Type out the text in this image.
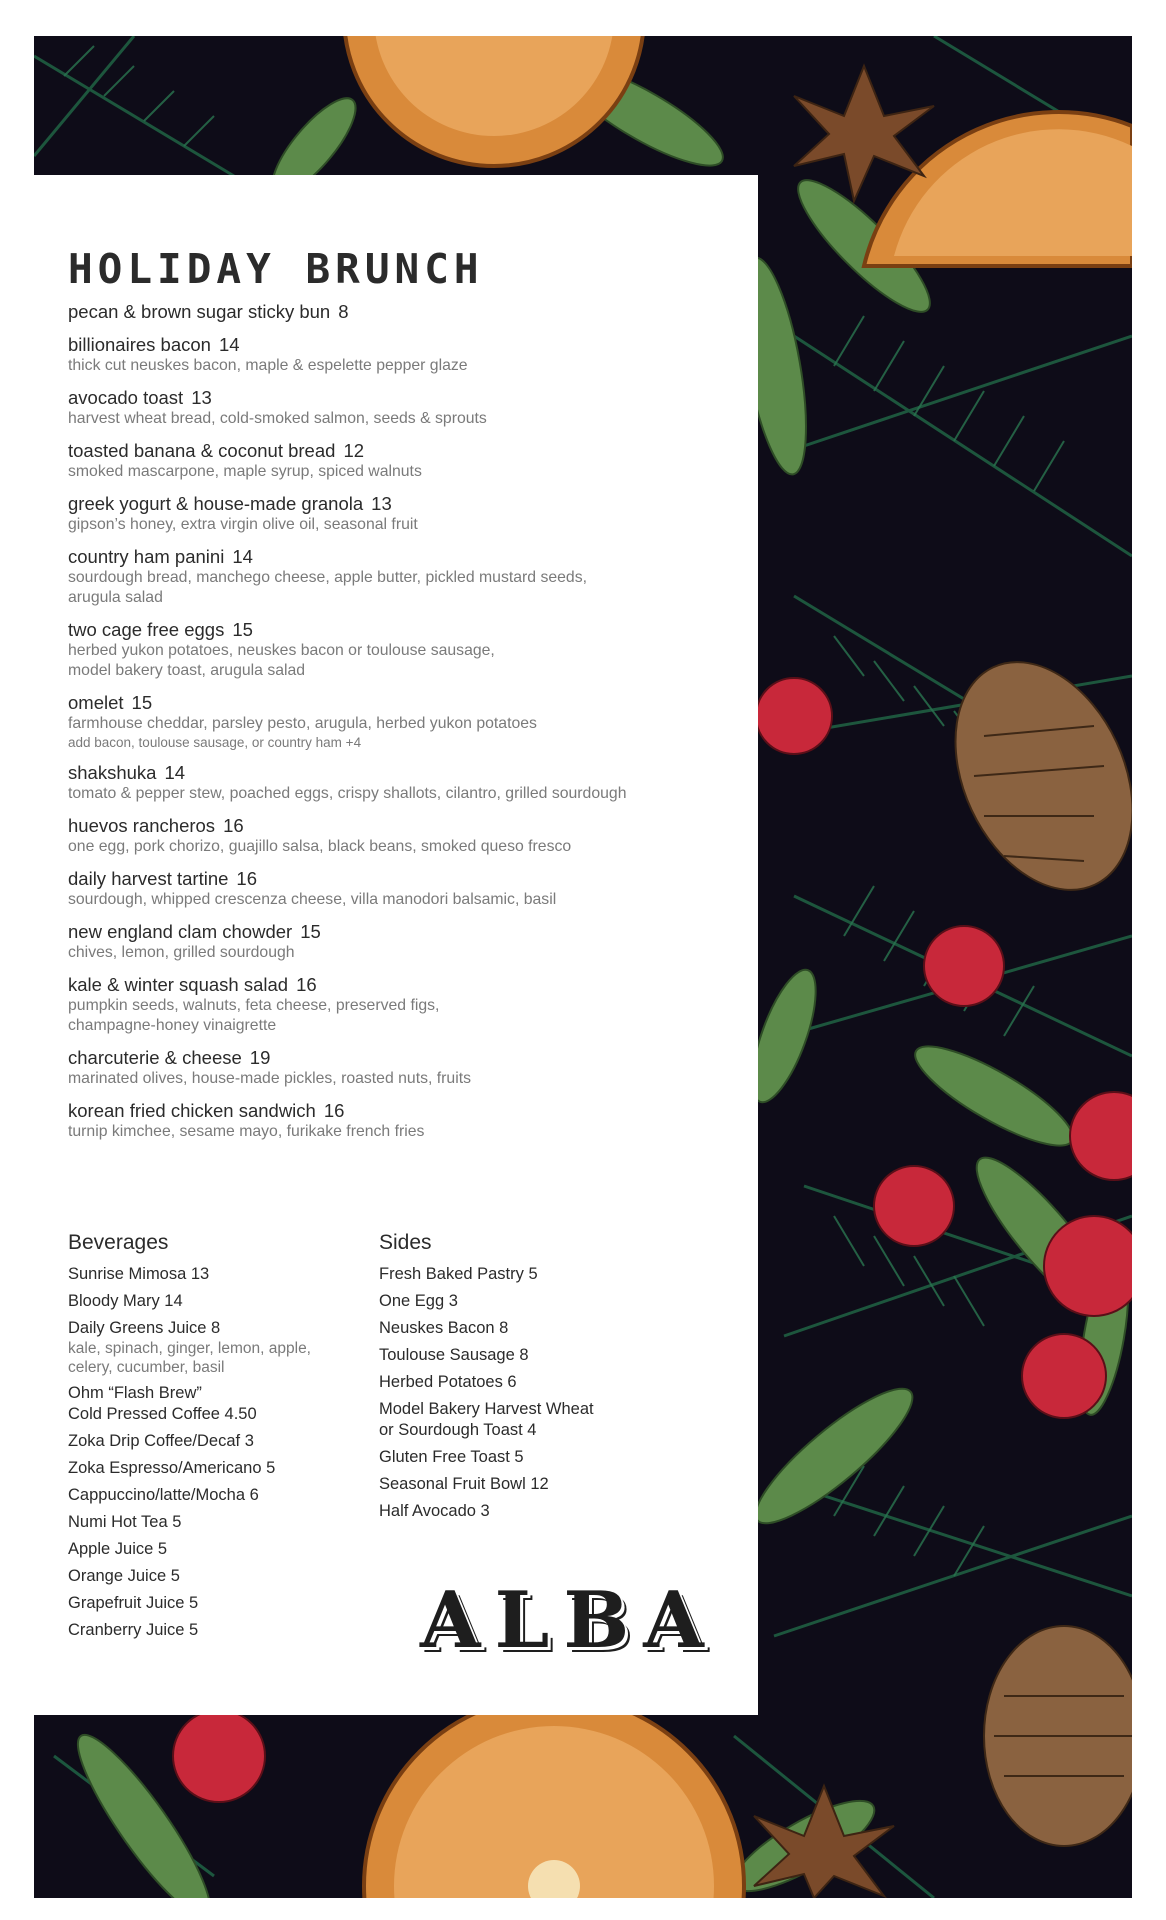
HOLIDAY BRUNCH
pecan & brown sugar sticky bun 8
billionaires bacon 14
thick cut neuskes bacon, maple & espelette pepper glaze
avocado toast 13
harvest wheat bread, cold-smoked salmon, seeds & sprouts
toasted banana & coconut bread 12
smoked mascarpone, maple syrup, spiced walnuts
greek yogurt & house-made granola 13
gipson’s honey, extra virgin olive oil, seasonal fruit
country ham panini 14
sourdough bread, manchego cheese, apple butter, pickled mustard seeds,
arugula salad
two cage free eggs 15
herbed yukon potatoes, neuskes bacon or toulouse sausage,
model bakery toast, arugula salad
omelet 15
farmhouse cheddar, parsley pesto, arugula, herbed yukon potatoes
add bacon, toulouse sausage, or country ham +4
shakshuka 14
tomato & pepper stew, poached eggs, crispy shallots, cilantro, grilled sourdough
huevos rancheros 16
one egg, pork chorizo, guajillo salsa, black beans, smoked queso fresco
daily harvest tartine 16
sourdough, whipped crescenza cheese, villa manodori balsamic, basil
new england clam chowder 15
chives, lemon, grilled sourdough
kale & winter squash salad 16
pumpkin seeds, walnuts, feta cheese, preserved figs,
champagne-honey vinaigrette
charcuterie & cheese 19
marinated olives, house-made pickles, roasted nuts, fruits
korean fried chicken sandwich 16
turnip kimchee, sesame mayo, furikake french fries
Beverages
Sunrise Mimosa 13
Bloody Mary 14
Daily Greens Juice 8
kale, spinach, ginger, lemon, apple,
celery, cucumber, basil
Ohm “Flash Brew”
Cold Pressed Coffee 4.50
Zoka Drip Coffee/Decaf 3
Zoka Espresso/Americano 5
Cappuccino/latte/Mocha 6
Numi Hot Tea 5
Apple Juice 5
Orange Juice 5
Grapefruit Juice 5
Cranberry Juice 5
Sides
Fresh Baked Pastry 5
One Egg 3
Neuskes Bacon 8
Toulouse Sausage 8
Herbed Potatoes 6
Model Bakery Harvest Wheat
or Sourdough Toast 4
Gluten Free Toast 5
Seasonal Fruit Bowl 12
Half Avocado 3
ALBA
